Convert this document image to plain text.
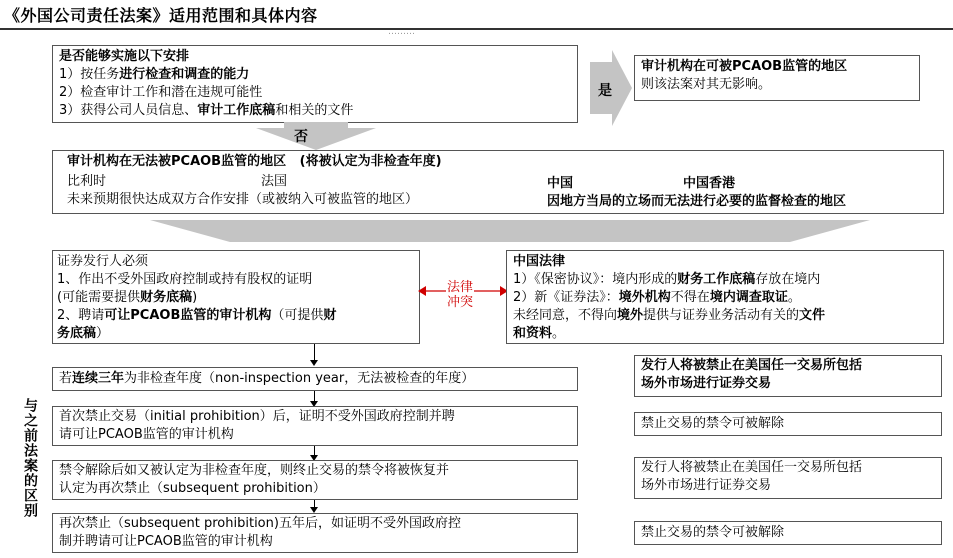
《外国公司责任法案》适用范围和具体内容
………
是否能够实施以下安排
1）按任务进行检查和调查的能力
2）检查审计工作和潜在违规可能性
3）获得公司人员信息、审计工作底稿和相关的文件
是
审计机构在可被PCAOB监管的地区
则该法案对其无影响。
否
审计机构在无法被PCAOB监管的地区 (将被认定为非检查年度)
比利时	法国	中国	中国香港
未来预期很快达成双方合作安排（或被纳入可被监管的地区）	因地方当局的立场而无法进行必要的监督检查的地区
证券发行人必须
1、作出不受外国政府控制或持有股权的证明
(可能需要提供财务底稿)
2、聘请可让PCAOB监管的审计机构（可提供财
务底稿）
法律
冲突
中国法律
1）《保密协议》：境内形成的财务工作底稿存放在境内
2）新《证券法》：境外机构不得在境内调查取证。
未经同意，不得向境外提供与证券业务活动有关的文件
和资料。
与之前法案的区别
若连续三年为非检查年度（non-inspection year，无法被检查的年度）
首次禁止交易（initial prohibition）后，证明不受外国政府控制并聘
请可让PCAOB监管的审计机构
禁令解除后如又被认定为非检查年度，则终止交易的禁令将被恢复并
认定为再次禁止（subsequent prohibition）
再次禁止（subsequent prohibition)五年后，如证明不受外国政府控
制并聘请可让PCAOB监管的审计机构
发行人将被禁止在美国任一交易所包括
场外市场进行证券交易
禁止交易的禁令可被解除
发行人将被禁止在美国任一交易所包括
场外市场进行证券交易
禁止交易的禁令可被解除
